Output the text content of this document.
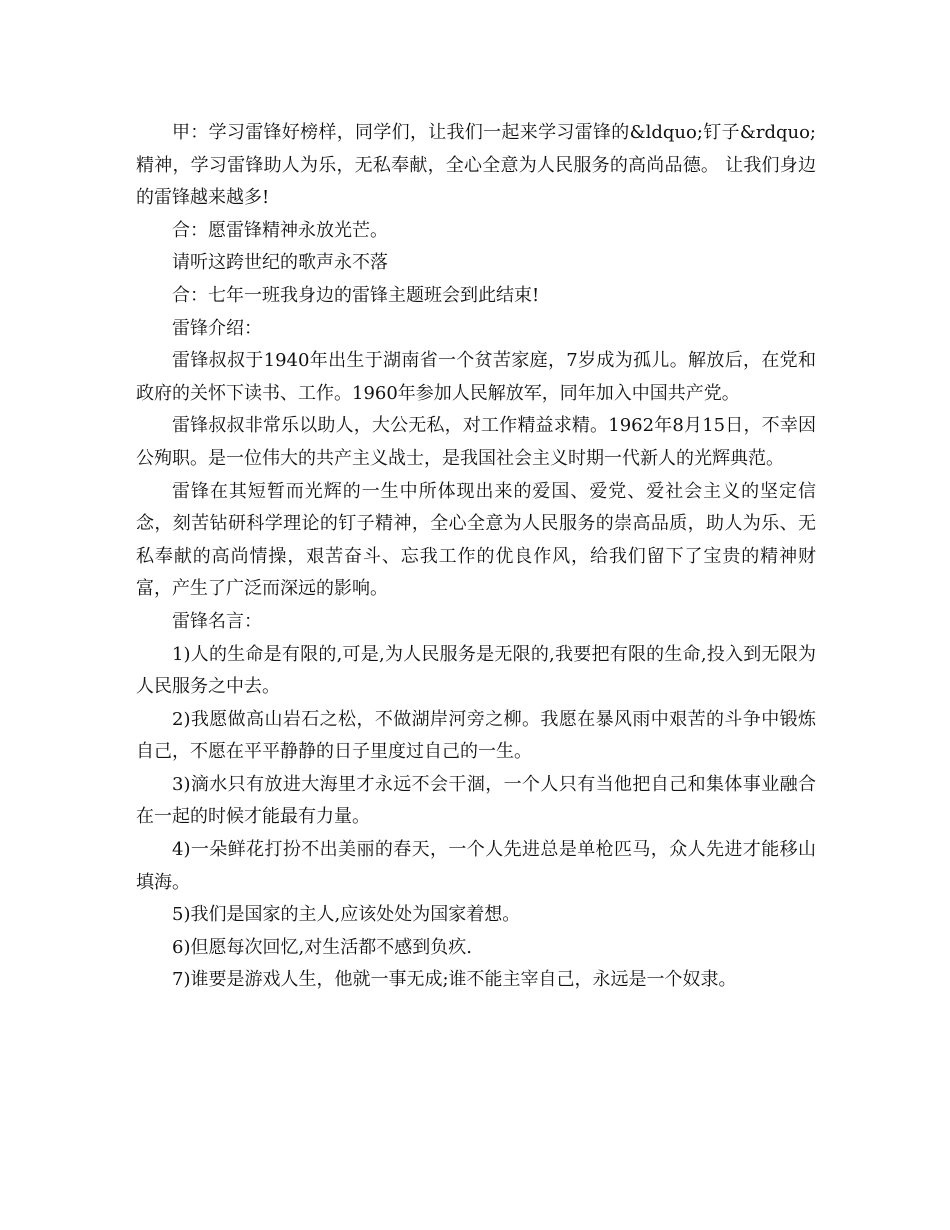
甲：学习雷锋好榜样，同学们，让我们一起来学习雷锋的&ldquo;钉子&rdquo;精神，学习雷锋助人为乐，无私奉献，全心全意为人民服务的高尚品德。 让我们身边的雷锋越来越多!

合：愿雷锋精神永放光芒。

请听这跨世纪的歌声永不落

合：七年一班我身边的雷锋主题班会到此结束!

雷锋介绍：

雷锋叔叔于1940年出生于湖南省一个贫苦家庭，7岁成为孤儿。解放后，在党和政府的关怀下读书、工作。1960年参加人民解放军，同年加入中国共产党。

雷锋叔叔非常乐以助人，大公无私，对工作精益求精。1962年8月15日，不幸因公殉职。是一位伟大的共产主义战士，是我国社会主义时期一代新人的光辉典范。

雷锋在其短暂而光辉的一生中所体现出来的爱国、爱党、爱社会主义的坚定信念，刻苦钻研科学理论的钉子精神，全心全意为人民服务的崇高品质，助人为乐、无私奉献的高尚情操，艰苦奋斗、忘我工作的优良作风，给我们留下了宝贵的精神财富，产生了广泛而深远的影响。

雷锋名言：

1)人的生命是有限的,可是,为人民服务是无限的,我要把有限的生命,投入到无限为人民服务之中去。

2)我愿做高山岩石之松，不做湖岸河旁之柳。我愿在暴风雨中艰苦的斗争中锻炼自己，不愿在平平静静的日子里度过自己的一生。

3)滴水只有放进大海里才永远不会干涸，一个人只有当他把自己和集体事业融合在一起的时候才能最有力量。

4)一朵鲜花打扮不出美丽的春天，一个人先进总是单枪匹马，众人先进才能移山填海。

5)我们是国家的主人,应该处处为国家着想。

6)但愿每次回忆,对生活都不感到负疚.

7)谁要是游戏人生，他就一事无成;谁不能主宰自己，永远是一个奴隶。
